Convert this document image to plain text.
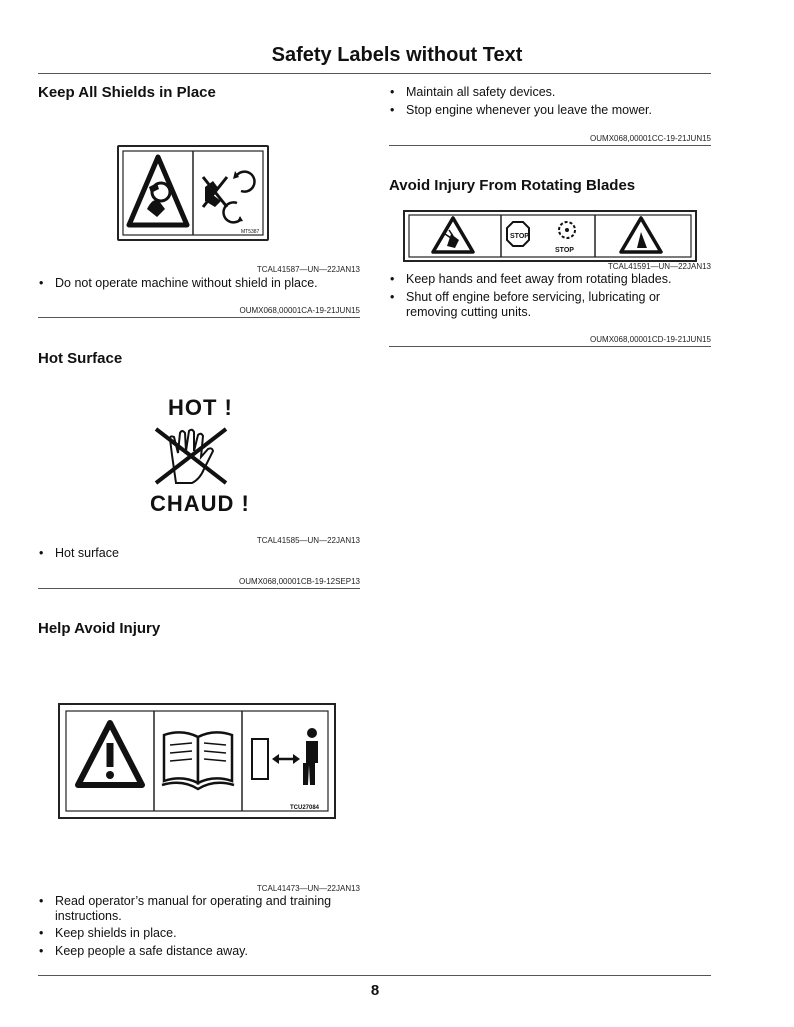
Safety Labels without Text
Keep All Shields in Place
MT5387
TCAL41587—UN—22JAN13
• Do not operate machine without shield in place.
OUMX068,00001CA-19-21JUN15
Hot Surface
HOT !
CHAUD !
TCAL41585—UN—22JAN13
• Hot surface
OUMX068,00001CB-19-12SEP13
Help Avoid Injury
TCU27084
TCAL41473—UN—22JAN13
• Read operator’s manual for operating and training instructions.
• Keep shields in place.
• Keep people a safe distance away.
• Maintain all safety devices.
• Stop engine whenever you leave the mower.
OUMX068,00001CC-19-21JUN15
Avoid Injury From Rotating Blades
STOP
STOP
TCAL41591—UN—22JAN13
• Keep hands and feet away from rotating blades.
• Shut off engine before servicing, lubricating or removing cutting units.
OUMX068,00001CD-19-21JUN15
8
